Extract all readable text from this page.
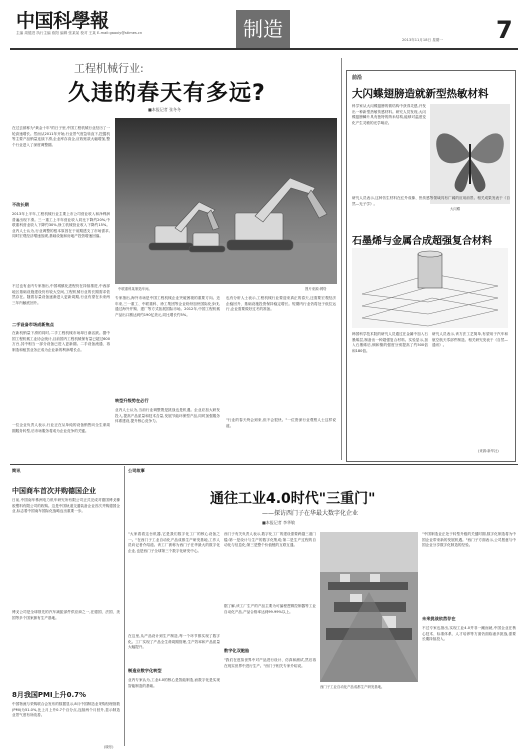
中国科學報
主编 周德进 执行主编 欧阳 编辑 张某某 校对 王某 E-mail:gaoxiy@stimes.cn
2013年11月18日 星期一
制造	7
工程机械行业:
久违的春天有多远?
■本报记者 张冬冬
在过去被称为"黄金十年"的日子里,中国工程机械行业经历了一轮高速增长。然而从2011年开始,行业景气度急转直下,挖掘机等主要产品销量连续下滑,企业库存高企,应收账款大幅增加,整个行业进入了深度调整期。
不改长期
2013年上半年,工程机械行业主要上市公司营业收入和净利润普遍出现下滑。三一重工上半年营业收入同比下降约20%,中联重科营业收入下降约30%,徐工机械营业收入下降约15%。业内人士认为,行业调整的根本原因在于前期透支了市场需求,同时宏观经济增速放缓,基础设施和房地产投资增速回落。
不过也有业内专家指出,中国城镇化进程仍在持续推进,中西部地区基础设施建设仍有较大空间,工程机械行业的长期需求依然存在。随着存量设备逐渐进入更新周期,行业有望在未来两三年内触底回升。
二手设备市场成新焦点
在新机销量下滑的同时,二手工程机械市场却日渐活跃。据中国工程机械工业协会统计,目前国内工程机械保有量已超过600万台,其中相当一部分设备已进入更新期。二手设备流通、再制造和租赁业务正成为企业新的利润增长点。
一位企业负责人表示,行业正在从单纯的设备销售向全生命周期服务转型,后市场服务将成为企业竞争的关键。
中联重科某制造车间。	图片来源:网络
专家指出,海外市场是中国工程机械企业突破困境的重要方向。近年来,三一重工、中联重科、徐工集团等企业纷纷加快国际化步伐,通过海外并购、建厂等方式拓展国际市场。2012年,中国工程机械产品出口额达到约190亿美元,同比增长约5%。
转型升级势在必行
业内人士认为,当前行业调整既是挑战也是机遇。企业应加大研发投入,提高产品质量和技术含量,发展节能环保型产品,同时加强服务体系建设,提升核心竞争力。
也有分析人士表示,工程机械行业要迎来真正的春天,还需要宏观经济企稳回升、基础设施投资保持稳定增长。短期内行业仍将处于低位运行,企业需要做好过冬的准备。
"行业的春天终会到来,但不会很快。"一位资深行业观察人士这样说道。
前沿
大闪蝶翅膀造就新型热敏材料
科学家从大闪蝶翅膀的微结构中获得灵感,开发出一种新型热敏传感材料。研究人员发现,大闪蝶翅膀鳞片具有独特的纳米结构,能够对温度变化产生灵敏的光学响应。
大闪蝶
研究人员表示,这种仿生材料在红外成像、热传感等领域具有广阔的应用前景。相关成果发表于《自然—光子学》。
石墨烯与金属合成超强复合材料
韩国科学技术院的研究人员通过在金属中加入石墨烯层,制备出一种超强复合材料。实验显示,加入石墨烯后,铜和镍的强度分别提高了约500倍和180倍。
研究人员表示,该方法工艺简单,有望用于汽车和航空航天零部件制造。相关研究发表于《自然—通讯》。
(来源:新华社)
简讯
中国商车首次并购德国企业
日前,中国南车株洲电力机车研究所有限公司正式完成对德国博戈橡胶塑料有限公司的收购。这是中国轨道交通装备企业首次并购德国企业,标志着中国南车国际化战略迈出重要一步。
博戈公司是全球领先的汽车减振部件供应商之一,在德国、法国、美国等多个国家拥有生产基地。
8月我国PMI上升0.7%
中国物流与采购联合会发布的数据显示,8月中国制造业采购经理指数(PMI)为51.0%,比上月上升0.7个百分点,连续两个月回升,显示制造业景气度有所改善。
(晓东)
公司故事
通往工业4.0时代"三重门"
——探访西门子在华最大数字化企业
■本报记者 李华敏
"大家看看这台机器,它是我们数字化工厂的核心设备之一。"在西门子工业自动化产品成都生产研发基地,工作人员向记者介绍道。该工厂被称为西门子在华最大的数字化企业,也是西门子全球第三个数字化研发中心。
在这里,从产品设计到生产制造,每一个环节都实现了数字化。工厂实现了产品全生命周期管理,生产效率和产品质量大幅提升。
制造业数字化转型
业内专家认为,工业4.0的核心是智能制造,而数字化是实现智能制造的基础。
西门子有关负责人表示,数字化工厂的建设需要跨越三道门槛:第一是设计与生产的数字化集成;第二是生产过程的自动化与信息化;第三是整个价值链的互联互通。
据了解,该工厂生产的产品主要为可编程逻辑控制器等工业自动化产品,产品合格率达到99.99%以上。
数字化双胞胎
"我们在虚拟世界中对产品进行设计、仿真和测试,然后再在现实世界中进行生产。"西门子相关专家介绍说。
西门子工业自动化产品成都生产研发基地。
"中国制造业正处于转型升级的关键时期,数字化制造将为中国企业带来新的发展机遇。"西门子方面表示,公司愿意与中国企业分享数字化制造的经验。
未来挑战依然存在
不过专家也指出,实现工业4.0并非一蹴而就,中国企业在核心技术、标准体系、人才培养等方面仍面临诸多挑战,需要长期持续投入。
